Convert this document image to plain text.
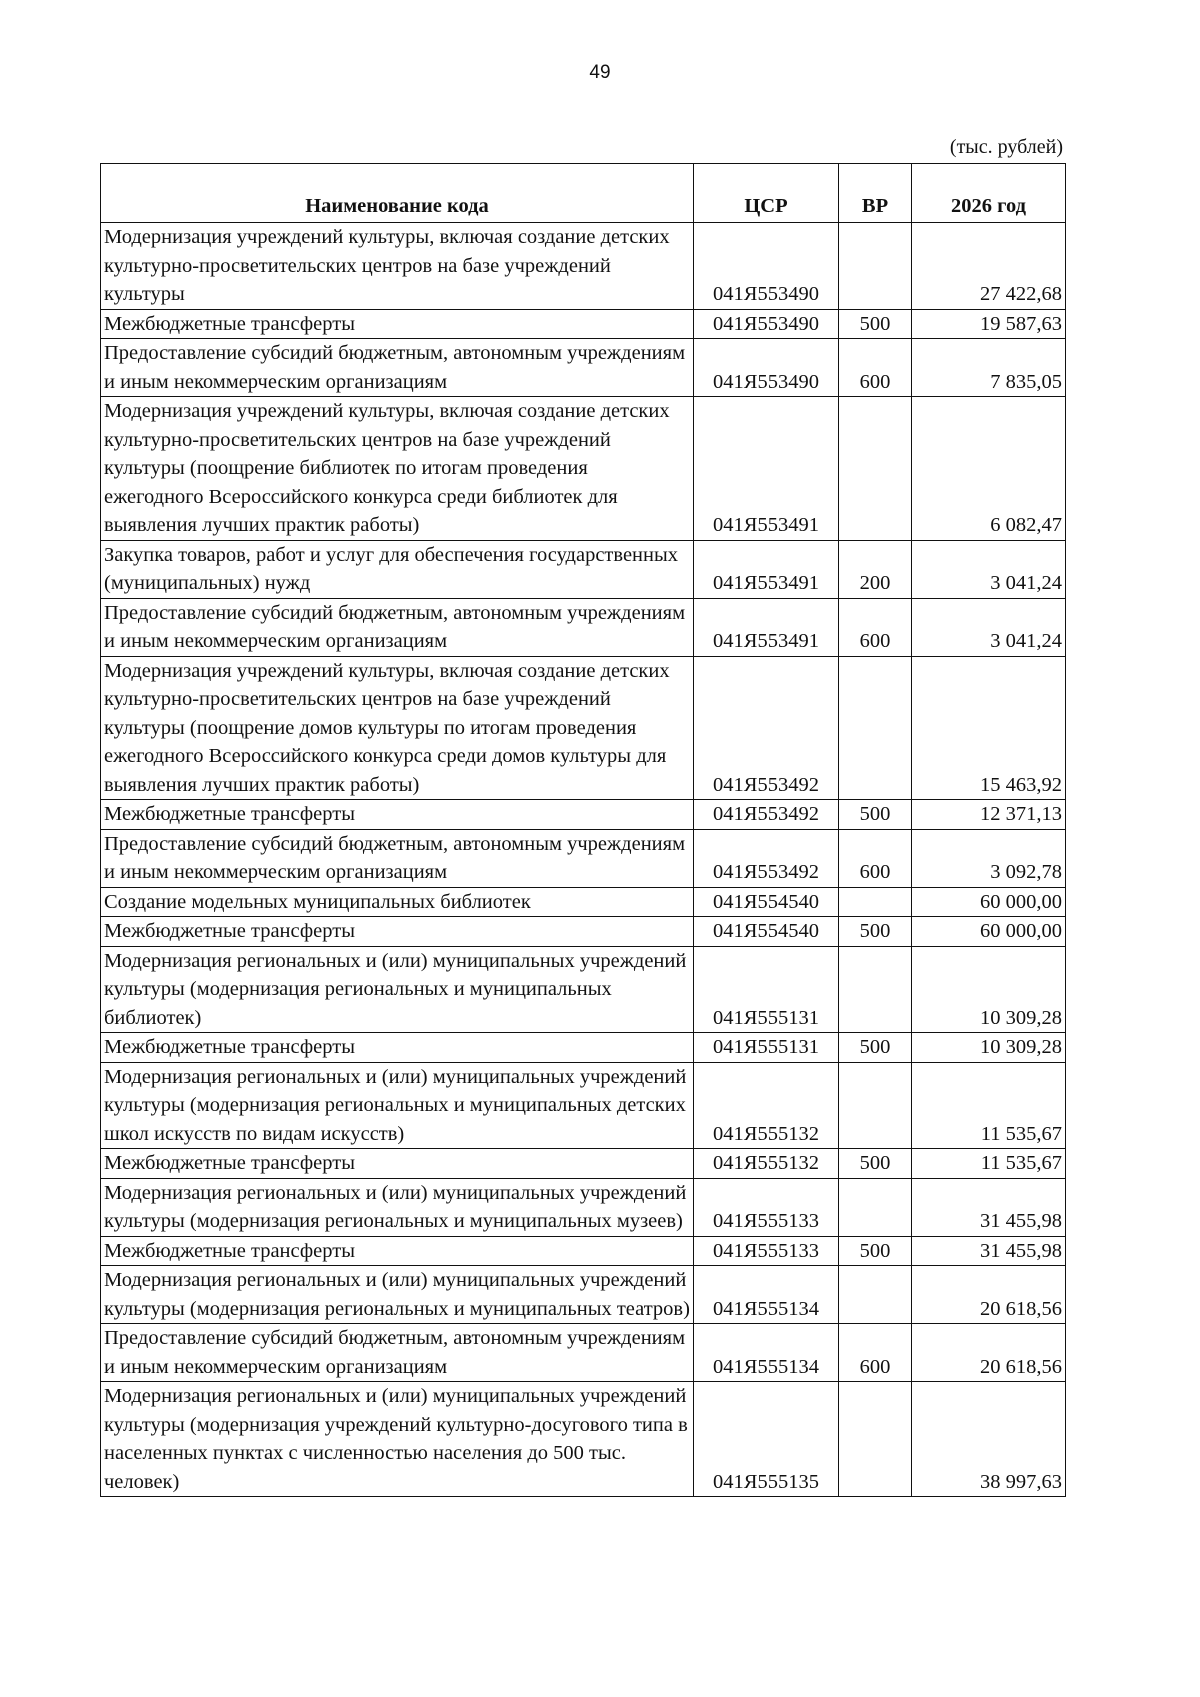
49
(тыс. рублей)
Наименование кода	ЦСР	ВР	2026 год
Модернизация учреждений культуры, включая создание детских культурно-просветительских центров на базе учреждений культуры	041Я553490		27 422,68
Межбюджетные трансферты	041Я553490	500	19 587,63
Предоставление субсидий бюджетным, автономным учреждениям и иным некоммерческим организациям	041Я553490	600	7 835,05
Модернизация учреждений культуры, включая создание детских культурно-просветительских центров на базе учреждений культуры (поощрение библиотек по итогам проведения ежегодного Всероссийского конкурса среди библиотек для выявления лучших практик работы)	041Я553491		6 082,47
Закупка товаров, работ и услуг для обеспечения государственных (муниципальных) нужд	041Я553491	200	3 041,24
Предоставление субсидий бюджетным, автономным учреждениям и иным некоммерческим организациям	041Я553491	600	3 041,24
Модернизация учреждений культуры, включая создание детских культурно-просветительских центров на базе учреждений культуры (поощрение домов культуры по итогам проведения ежегодного Всероссийского конкурса среди домов культуры для выявления лучших практик работы)	041Я553492		15 463,92
Межбюджетные трансферты	041Я553492	500	12 371,13
Предоставление субсидий бюджетным, автономным учреждениям и иным некоммерческим организациям	041Я553492	600	3 092,78
Создание модельных муниципальных библиотек	041Я554540		60 000,00
Межбюджетные трансферты	041Я554540	500	60 000,00
Модернизация региональных и (или) муниципальных учреждений культуры (модернизация региональных и муниципальных библиотек)	041Я555131		10 309,28
Межбюджетные трансферты	041Я555131	500	10 309,28
Модернизация региональных и (или) муниципальных учреждений культуры (модернизация региональных и муниципальных детских школ искусств по видам искусств)	041Я555132		11 535,67
Межбюджетные трансферты	041Я555132	500	11 535,67
Модернизация региональных и (или) муниципальных учреждений культуры (модернизация региональных и муниципальных музеев)	041Я555133		31 455,98
Межбюджетные трансферты	041Я555133	500	31 455,98
Модернизация региональных и (или) муниципальных учреждений культуры (модернизация региональных и муниципальных театров)	041Я555134		20 618,56
Предоставление субсидий бюджетным, автономным учреждениям и иным некоммерческим организациям	041Я555134	600	20 618,56
Модернизация региональных и (или) муниципальных учреждений культуры (модернизация учреждений культурно-досугового типа в населенных пунктах с численностью населения до 500 тыс. человек)	041Я555135		38 997,63
